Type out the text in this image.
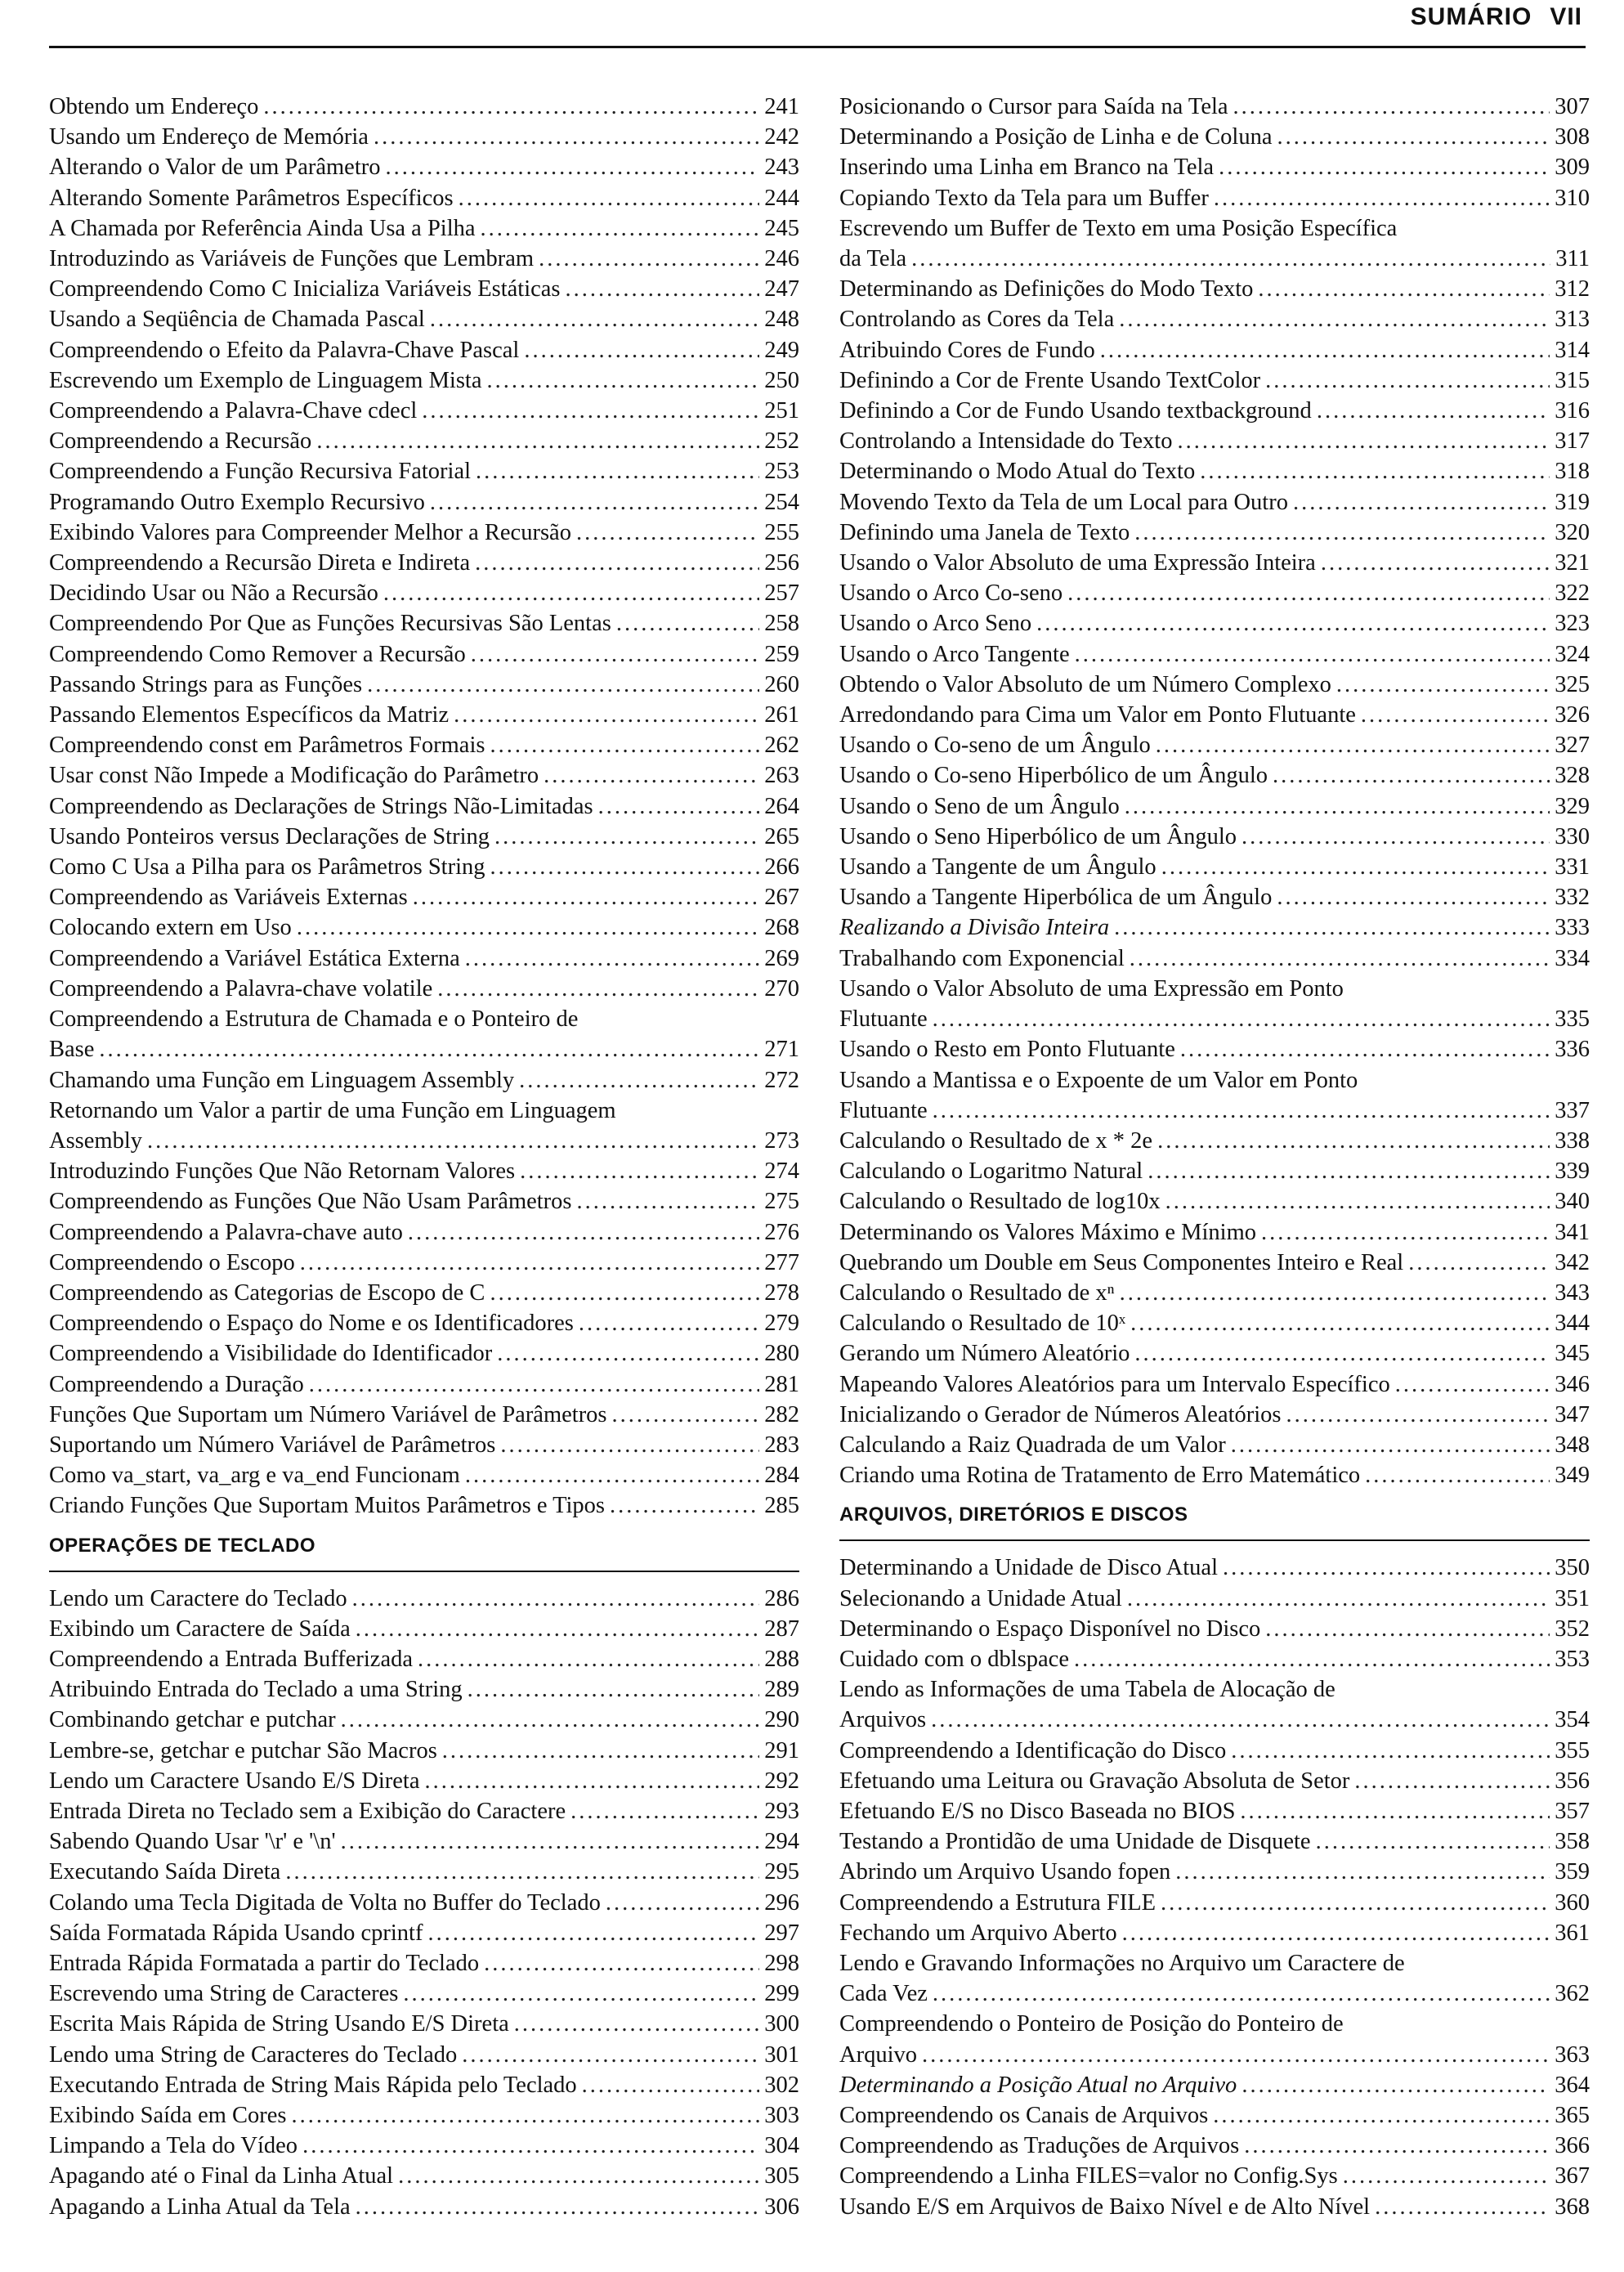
SUMÁRIO VII
Obtendo um Endereço .....	241
Usando um Endereço de Memória .....	242
Alterando o Valor de um Parâmetro .....	243
Alterando Somente Parâmetros Específicos .....	244
A Chamada por Referência Ainda Usa a Pilha .....	245
Introduzindo as Variáveis de Funções que Lembram .....	246
Compreendendo Como C Inicializa Variáveis Estáticas .....	247
Usando a Seqüência de Chamada Pascal .....	248
Compreendendo o Efeito da Palavra-Chave Pascal .....	249
Escrevendo um Exemplo de Linguagem Mista .....	250
Compreendendo a Palavra-Chave cdecl .....	251
Compreendendo a Recursão .....	252
Compreendendo a Função Recursiva Fatorial .....	253
Programando Outro Exemplo Recursivo .....	254
Exibindo Valores para Compreender Melhor a Recursão .....	255
Compreendendo a Recursão Direta e Indireta .....	256
Decidindo Usar ou Não a Recursão .....	257
Compreendendo Por Que as Funções Recursivas São Lentas .....	258
Compreendendo Como Remover a Recursão .....	259
Passando Strings para as Funções .....	260
Passando Elementos Específicos da Matriz .....	261
Compreendendo const em Parâmetros Formais .....	262
Usar const Não Impede a Modificação do Parâmetro .....	263
Compreendendo as Declarações de Strings Não-Limitadas .....	264
Usando Ponteiros versus Declarações de String .....	265
Como C Usa a Pilha para os Parâmetros String .....	266
Compreendendo as Variáveis Externas .....	267
Colocando extern em Uso .....	268
Compreendendo a Variável Estática Externa .....	269
Compreendendo a Palavra-chave volatile .....	270
Compreendendo a Estrutura de Chamada e o Ponteiro de
Base .....	271
Chamando uma Função em Linguagem Assembly .....	272
Retornando um Valor a partir de uma Função em Linguagem
Assembly .....	273
Introduzindo Funções Que Não Retornam Valores .....	274
Compreendendo as Funções Que Não Usam Parâmetros .....	275
Compreendendo a Palavra-chave auto .....	276
Compreendendo o Escopo .....	277
Compreendendo as Categorias de Escopo de C .....	278
Compreendendo o Espaço do Nome e os Identificadores .....	279
Compreendendo a Visibilidade do Identificador .....	280
Compreendendo a Duração .....	281
Funções Que Suportam um Número Variável de Parâmetros .....	282
Suportando um Número Variável de Parâmetros .....	283
Como va_start, va_arg e va_end Funcionam .....	284
Criando Funções Que Suportam Muitos Parâmetros e Tipos .....	285
OPERAÇÕES DE TECLADO
Lendo um Caractere do Teclado .....	286
Exibindo um Caractere de Saída .....	287
Compreendendo a Entrada Bufferizada .....	288
Atribuindo Entrada do Teclado a uma String .....	289
Combinando getchar e putchar .....	290
Lembre-se, getchar e putchar São Macros .....	291
Lendo um Caractere Usando E/S Direta .....	292
Entrada Direta no Teclado sem a Exibição do Caractere .....	293
Sabendo Quando Usar '\r' e '\n' .....	294
Executando Saída Direta .....	295
Colando uma Tecla Digitada de Volta no Buffer do Teclado .....	296
Saída Formatada Rápida Usando cprintf .....	297
Entrada Rápida Formatada a partir do Teclado .....	298
Escrevendo uma String de Caracteres .....	299
Escrita Mais Rápida de String Usando E/S Direta .....	300
Lendo uma String de Caracteres do Teclado .....	301
Executando Entrada de String Mais Rápida pelo Teclado .....	302
Exibindo Saída em Cores .....	303
Limpando a Tela do Vídeo .....	304
Apagando até o Final da Linha Atual .....	305
Apagando a Linha Atual da Tela .....	306
Posicionando o Cursor para Saída na Tela .....	307
Determinando a Posição de Linha e de Coluna .....	308
Inserindo uma Linha em Branco na Tela .....	309
Copiando Texto da Tela para um Buffer .....	310
Escrevendo um Buffer de Texto em uma Posição Específica
da Tela .....	311
Determinando as Definições do Modo Texto .....	312
Controlando as Cores da Tela .....	313
Atribuindo Cores de Fundo .....	314
Definindo a Cor de Frente Usando TextColor .....	315
Definindo a Cor de Fundo Usando textbackground .....	316
Controlando a Intensidade do Texto .....	317
Determinando o Modo Atual do Texto .....	318
Movendo Texto da Tela de um Local para Outro .....	319
Definindo uma Janela de Texto .....	320
Usando o Valor Absoluto de uma Expressão Inteira .....	321
Usando o Arco Co-seno .....	322
Usando o Arco Seno .....	323
Usando o Arco Tangente .....	324
Obtendo o Valor Absoluto de um Número Complexo .....	325
Arredondando para Cima um Valor em Ponto Flutuante .....	326
Usando o Co-seno de um Ângulo .....	327
Usando o Co-seno Hiperbólico de um Ângulo .....	328
Usando o Seno de um Ângulo .....	329
Usando o Seno Hiperbólico de um Ângulo .....	330
Usando a Tangente de um Ângulo .....	331
Usando a Tangente Hiperbólica de um Ângulo .....	332
Realizando a Divisão Inteira .....	333
Trabalhando com Exponencial .....	334
Usando o Valor Absoluto de uma Expressão em Ponto
Flutuante .....	335
Usando o Resto em Ponto Flutuante .....	336
Usando a Mantissa e o Expoente de um Valor em Ponto
Flutuante .....	337
Calculando o Resultado de x * 2e .....	338
Calculando o Logaritmo Natural .....	339
Calculando o Resultado de log10x .....	340
Determinando os Valores Máximo e Mínimo .....	341
Quebrando um Double em Seus Componentes Inteiro e Real .....	342
Calculando o Resultado de xⁿ .....	343
Calculando o Resultado de 10ˣ .....	344
Gerando um Número Aleatório .....	345
Mapeando Valores Aleatórios para um Intervalo Específico .....	346
Inicializando o Gerador de Números Aleatórios .....	347
Calculando a Raiz Quadrada de um Valor .....	348
Criando uma Rotina de Tratamento de Erro Matemático .....	349
ARQUIVOS, DIRETÓRIOS E DISCOS
Determinando a Unidade de Disco Atual .....	350
Selecionando a Unidade Atual .....	351
Determinando o Espaço Disponível no Disco .....	352
Cuidado com o dblspace .....	353
Lendo as Informações de uma Tabela de Alocação de
Arquivos .....	354
Compreendendo a Identificação do Disco .....	355
Efetuando uma Leitura ou Gravação Absoluta de Setor .....	356
Efetuando E/S no Disco Baseada no BIOS .....	357
Testando a Prontidão de uma Unidade de Disquete .....	358
Abrindo um Arquivo Usando fopen .....	359
Compreendendo a Estrutura FILE .....	360
Fechando um Arquivo Aberto .....	361
Lendo e Gravando Informações no Arquivo um Caractere de
Cada Vez .....	362
Compreendendo o Ponteiro de Posição do Ponteiro de
Arquivo .....	363
Determinando a Posição Atual no Arquivo .....	364
Compreendendo os Canais de Arquivos .....	365
Compreendendo as Traduções de Arquivos .....	366
Compreendendo a Linha FILES=valor no Config.Sys .....	367
Usando E/S em Arquivos de Baixo Nível e de Alto Nível .....	368
